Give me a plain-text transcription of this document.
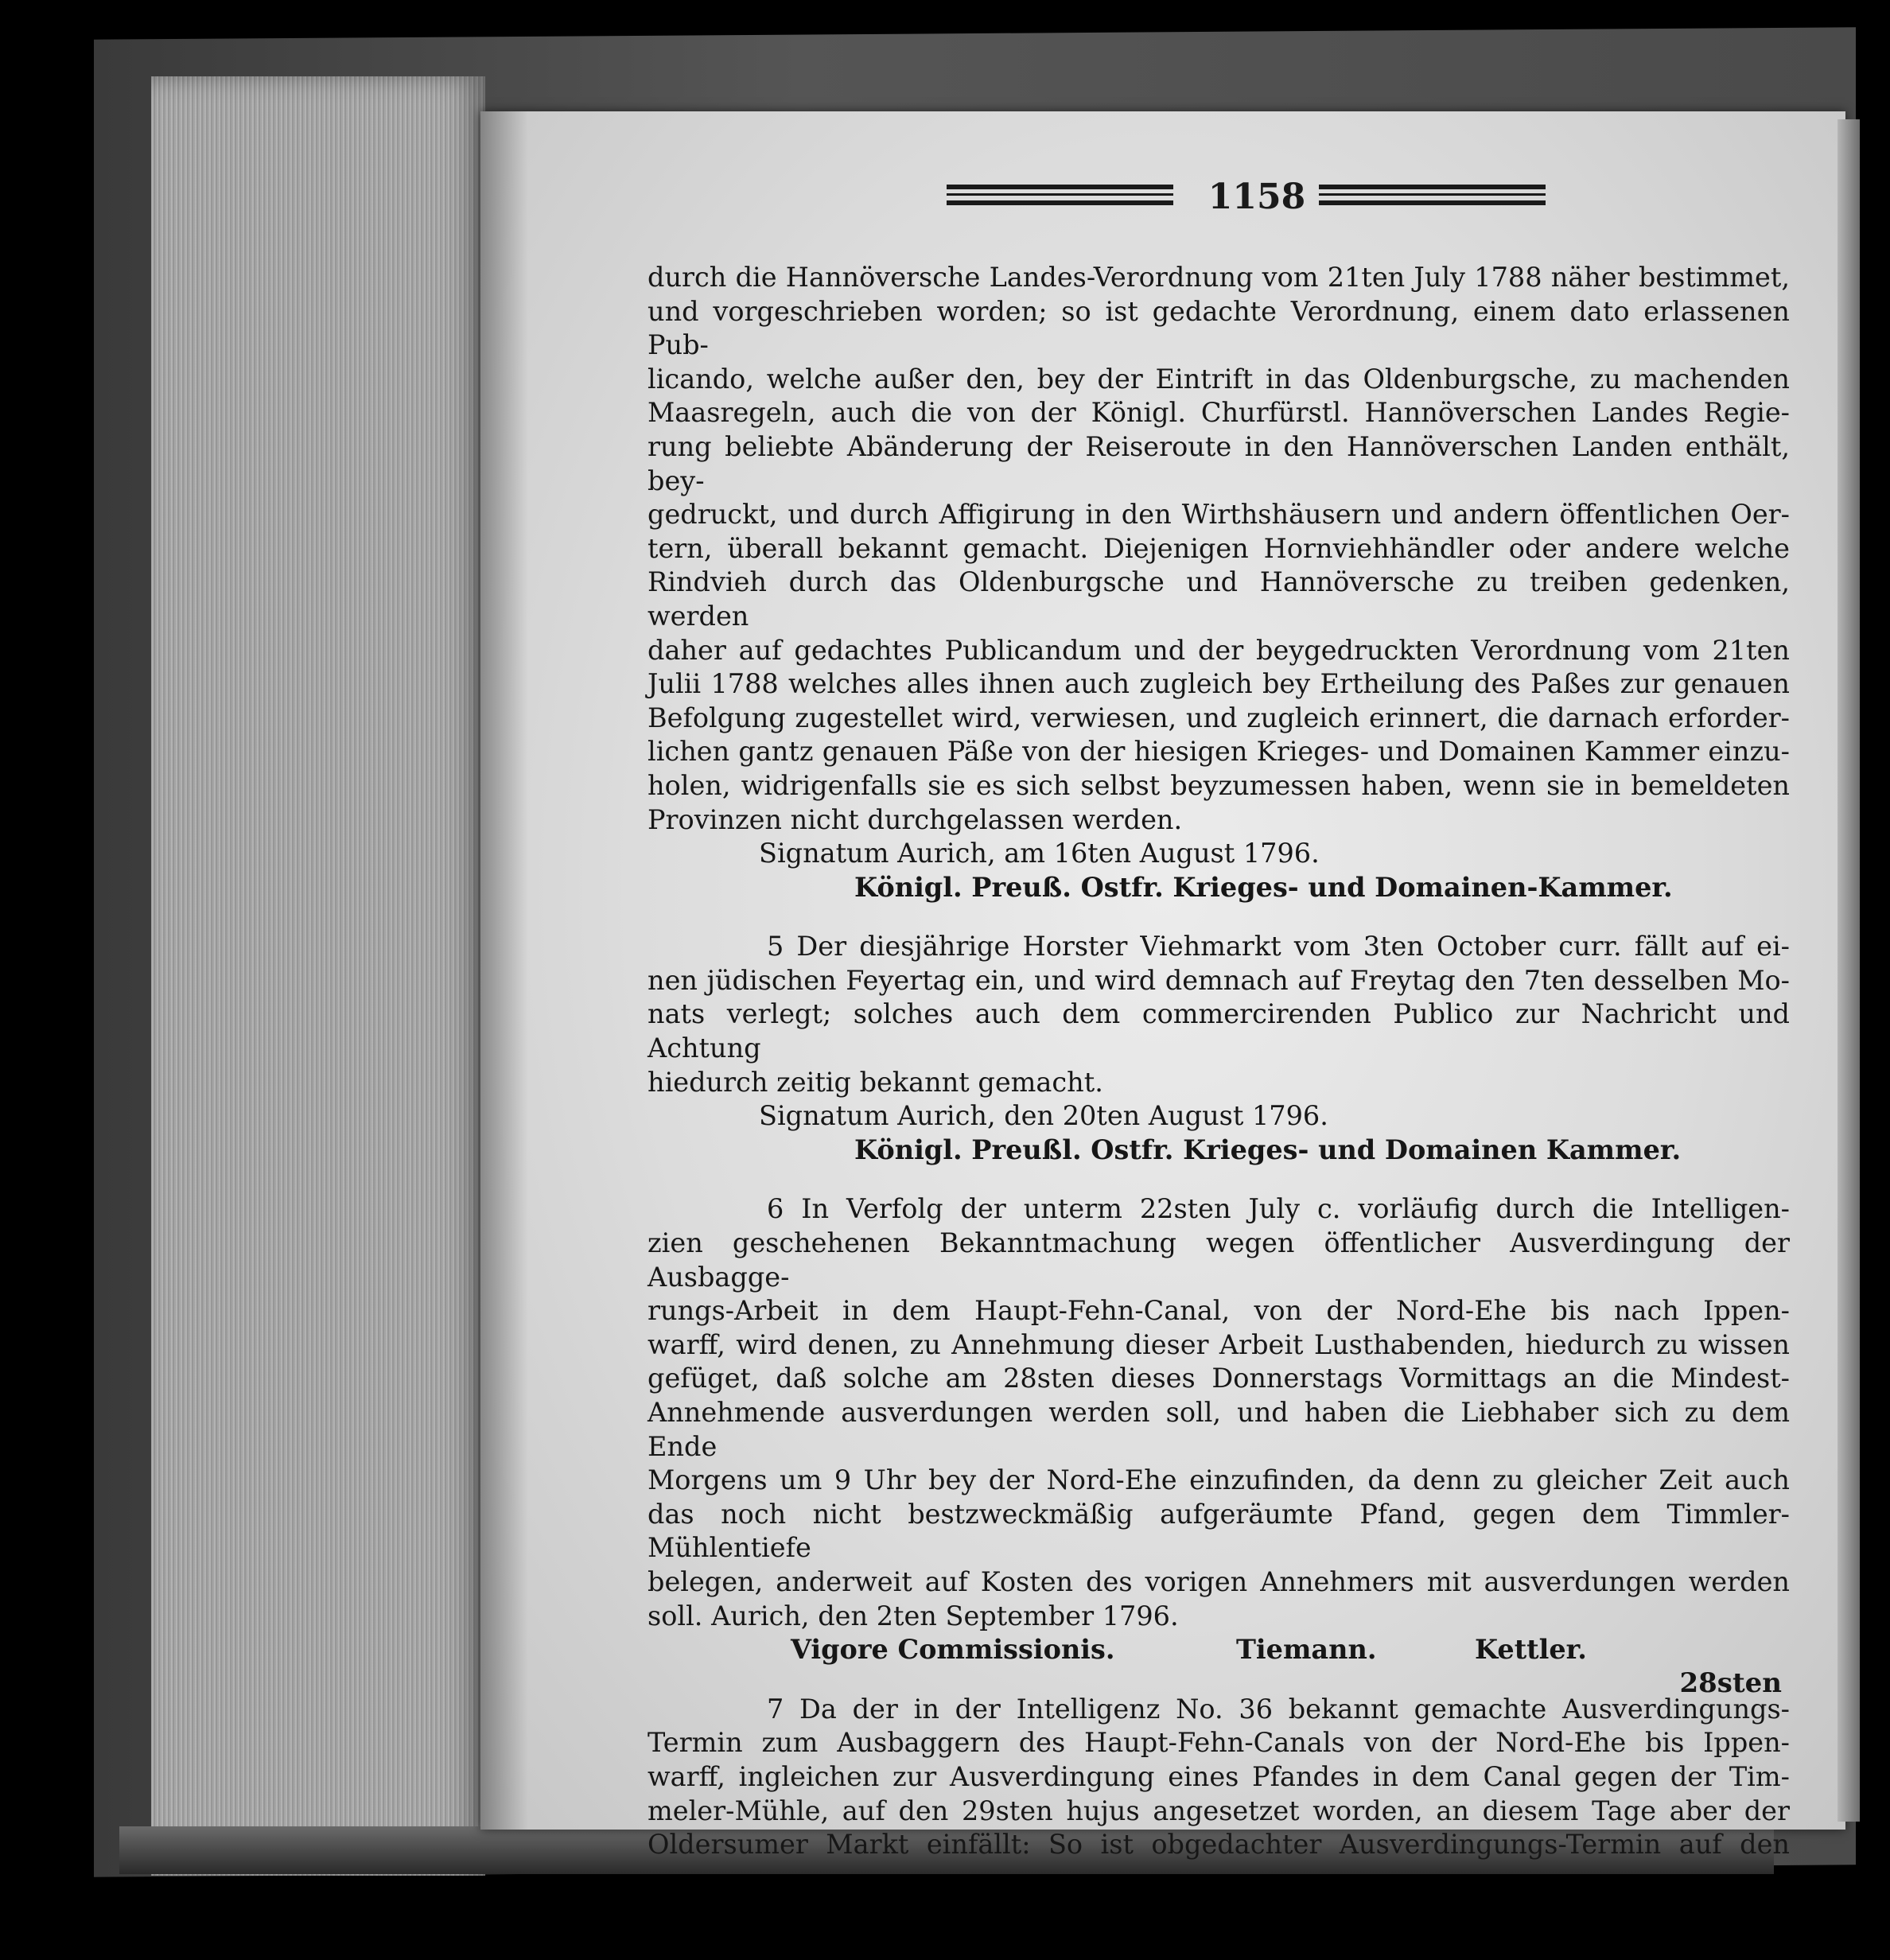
1158

durch die Hannöversche Landes-Verordnung vom 21ten July 1788 näher bestimmet,

und vorgeschrieben worden; so ist gedachte Verordnung, einem dato erlassenen Pub-

licando, welche außer den, bey der Eintrift in das Oldenburgsche, zu machenden

Maasregeln, auch die von der Königl. Churfürstl. Hannöverschen Landes Regie-

rung beliebte Abänderung der Reiseroute in den Hannöverschen Landen enthält, bey-

gedruckt, und durch Affigirung in den Wirthshäusern und andern öffentlichen Oer-

tern, überall bekannt gemacht. Diejenigen Hornviehhändler oder andere welche

Rindvieh durch das Oldenburgsche und Hannöversche zu treiben gedenken, werden

daher auf gedachtes Publicandum und der beygedruckten Verordnung vom 21ten

Julii 1788 welches alles ihnen auch zugleich bey Ertheilung des Paßes zur genauen

Befolgung zugestellet wird, verwiesen, und zugleich erinnert, die darnach erforder-

lichen gantz genauen Päße von der hiesigen Krieges- und Domainen Kammer einzu-

holen, widrigenfalls sie es sich selbst beyzumessen haben, wenn sie in bemeldeten

Provinzen nicht durchgelassen werden.

Signatum Aurich, am 16ten August 1796.

Königl. Preuß. Ostfr. Krieges- und Domainen-Kammer.

5 Der diesjährige Horster Viehmarkt vom 3ten October curr. fällt auf ei-

nen jüdischen Feyertag ein, und wird demnach auf Freytag den 7ten desselben Mo-

nats verlegt; solches auch dem commercirenden Publico zur Nachricht und Achtung

hiedurch zeitig bekannt gemacht.

Signatum Aurich, den 20ten August 1796.

Königl. Preußl. Ostfr. Krieges- und Domainen Kammer.

6 In Verfolg der unterm 22sten July c. vorläufig durch die Intelligen-

zien geschehenen Bekanntmachung wegen öffentlicher Ausverdingung der Ausbagge-

rungs-Arbeit in dem Haupt-Fehn-Canal, von der Nord-Ehe bis nach Ippen-

warff, wird denen, zu Annehmung dieser Arbeit Lusthabenden, hiedurch zu wissen

gefüget, daß solche am 28sten dieses Donnerstags Vormittags an die Mindest-

Annehmende ausverdungen werden soll, und haben die Liebhaber sich zu dem Ende

Morgens um 9 Uhr bey der Nord-Ehe einzufinden, da denn zu gleicher Zeit auch

das noch nicht bestzweckmäßig aufgeräumte Pfand, gegen dem Timmler-Mühlentiefe

belegen, anderweit auf Kosten des vorigen Annehmers mit ausverdungen werden

soll. Aurich, den 2ten September 1796.

Vigore Commissionis.	Tiemann.	Kettler.

7 Da der in der Intelligenz No. 36 bekannt gemachte Ausverdingungs-

Termin zum Ausbaggern des Haupt-Fehn-Canals von der Nord-Ehe bis Ippen-

warff, ingleichen zur Ausverdingung eines Pfandes in dem Canal gegen der Tim-

meler-Mühle, auf den 29sten hujus angesetzet worden, an diesem Tage aber der

Oldersumer Markt einfällt: So ist obgedachter Ausverdingungs-Termin auf den

28sten
